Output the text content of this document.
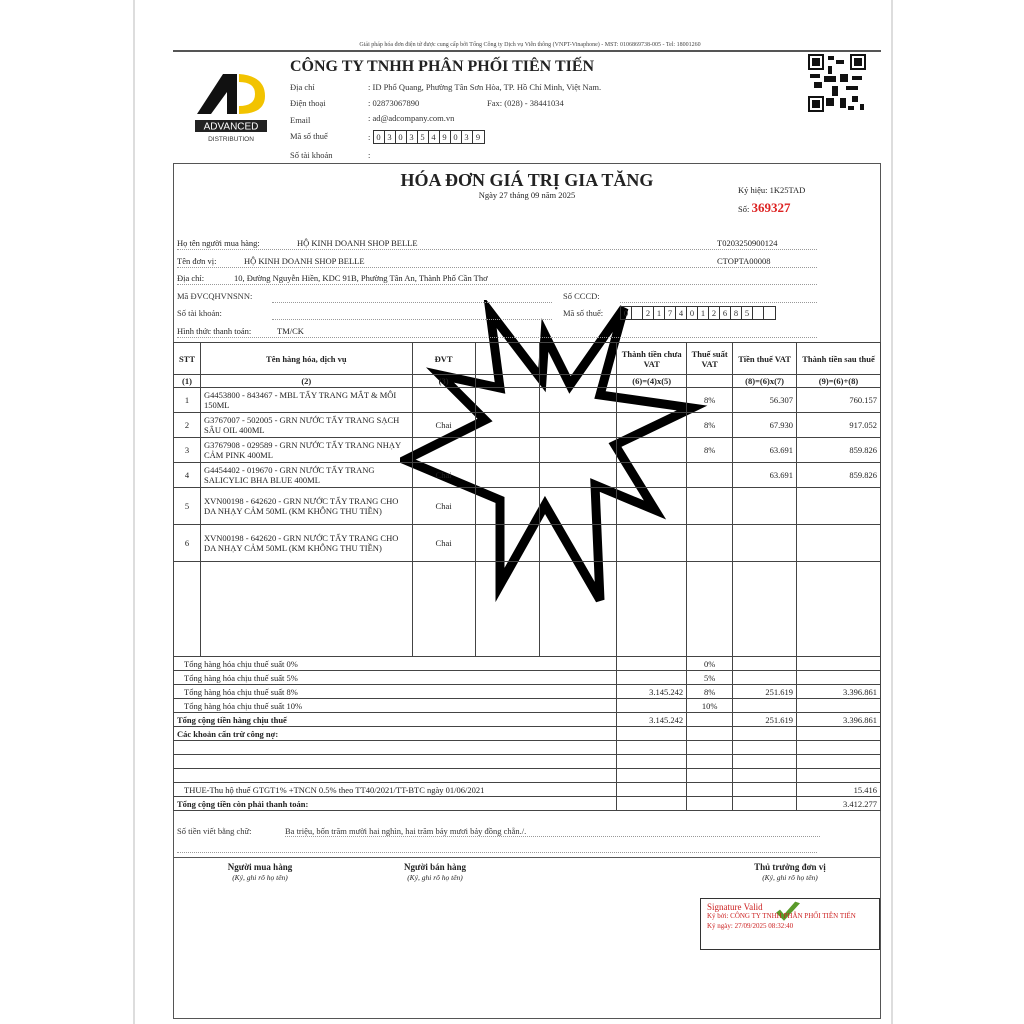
Giải pháp hóa đơn điện tử được cung cấp bởi Tổng Công ty Dịch vụ Viễn thông (VNPT-Vinaphone) - MST: 0106869738-005 - Tel: 18001260
ADVANCED
DISTRIBUTION
CÔNG TY TNHH PHÂN PHỐI TIÊN TIẾN
Địa chỉ	: ID Phổ Quang, Phường Tân Sơn Hòa, TP. Hồ Chí Minh, Việt Nam.
Điện thoại	: 02873067890	Fax: (028) - 38441034
Email	: ad@adcompany.com.vn
Mã số thuế	: 0 3 0 3 5 4 9 0 3 9
Số tài khoản	:
HÓA ĐƠN GIÁ TRỊ GIA TĂNG
Ngày 27 tháng 09 năm 2025	Ký hiệu: 1K25TAD
Số: 369327
Họ tên người mua hàng:	HỘ KINH DOANH SHOP BELLE	T0203250900124
Tên đơn vị:	HỘ KINH DOANH SHOP BELLE	CTOPTA00008
Địa chỉ:	10, Đường Nguyễn Hiền, KDC 91B, Phường Tân An, Thành Phố Cần Thơ
Mã ĐVCQHVNSNN:	Số CCCD:
Số tài khoản:	Mã số thuế:	0	2 1 7 4 0 1 2 6 8 5
Hình thức thanh toán:	TM/CK
STT	Tên hàng hóa, dịch vụ	ĐVT			Thành tiền chưa VAT	Thuế suất VAT	Tiền thuế VAT	Thành tiền sau thuế
(1)	(2)	(3)			(6)=(4)x(5)		(8)=(6)x(7)	(9)=(6)+(8)
1	G4453800 - 843467 - MBL TẨY TRANG MẮT & MÔI 150ML					8%	56.307	760.157
2	G3767007 - 502005 - GRN NƯỚC TẨY TRANG SẠCH SÂU OIL 400ML	Chai				8%	67.930	917.052
3	G3767908 - 029589 - GRN NƯỚC TẨY TRANG NHẠY CẢM PINK 400ML					8%	63.691	859.826
4	G4454402 - 019670 - GRN NƯỚC TẨY TRANG SALICYLIC BHA BLUE 400ML	Chai					63.691	859.826
5	XVN00198 - 642620 - GRN NƯỚC TẨY TRANG CHO DA NHẠY CẢM 50ML (KM KHÔNG THU TIỀN)	Chai						
6	XVN00198 - 642620 - GRN NƯỚC TẨY TRANG CHO DA NHẠY CẢM 50ML (KM KHÔNG THU TIỀN)	Chai						

Tổng hàng hóa chịu thuế suất 0%						0%		
Tổng hàng hóa chịu thuế suất 5%						5%		
Tổng hàng hóa chịu thuế suất 8%					3.145.242	8%	251.619	3.396.861
Tổng hàng hóa chịu thuế suất 10%						10%		
Tổng cộng tiền hàng chịu thuế					3.145.242		251.619	3.396.861
Các khoản cấn trừ công nợ:								

THUE-Thu hộ thuế GTGT1% +TNCN 0.5% theo TT40/2021/TT-BTC ngày 01/06/2021								15.416
Tổng cộng tiền còn phải thanh toán:								3.412.277
Số tiền viết bằng chữ:	Ba triệu, bốn trăm mười hai nghìn, hai trăm bảy mươi bảy đồng chẵn./.
Người mua hàng
(Ký, ghi rõ họ tên)
Người bán hàng
(Ký, ghi rõ họ tên)
Thủ trưởng đơn vị
(Ký, ghi rõ họ tên)
Signature Valid
Ký bởi: CÔNG TY TNHH PHÂN PHỐI TIÊN TIẾN
Ký ngày: 27/09/2025 08:32:40
